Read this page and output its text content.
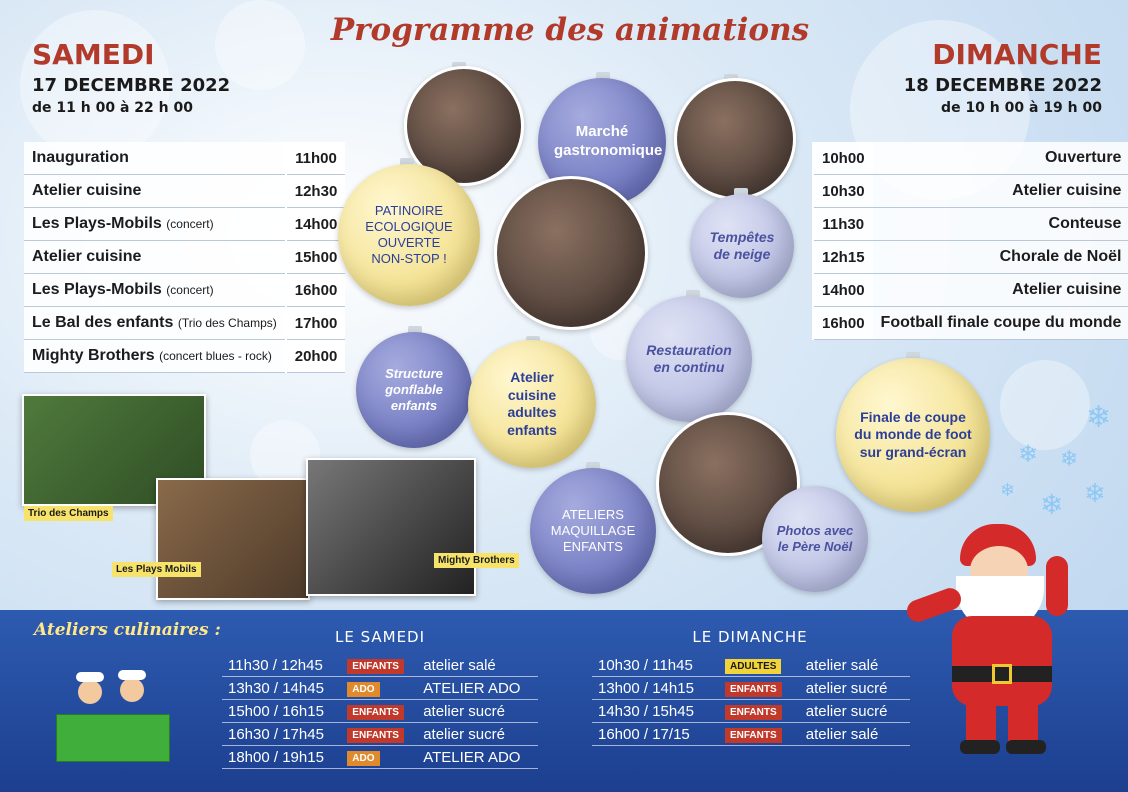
Programme des animations
SAMEDI
17 DECEMBRE 2022
de 11 h 00 à 22 h 00
DIMANCHE
18 DECEMBRE 2022
de 10 h 00 à 19 h 00
Inauguration	11h00
Atelier cuisine	12h30
Les Plays-Mobils (concert)	14h00
Atelier cuisine	15h00
Les Plays-Mobils (concert)	16h00
Le Bal des enfants (Trio des Champs)	17h00
Mighty Brothers (concert blues - rock)	20h00
10h00	Ouverture
10h30	Atelier cuisine
11h30	Conteuse
12h15	Chorale de Noël
14h00	Atelier cuisine
16h00	Football finale coupe du monde
Marché gastronomique
PATINOIRE ECOLOGIQUE OUVERTE NON-STOP !
Tempêtes de neige
Restauration en continu
Structure gonflable enfants
Atelier cuisine adultes enfants
Finale de coupe du monde de foot sur grand-écran
ATELIERS MAQUILLAGE ENFANTS
Photos avec le Père Noël
Trio des Champs
Les Plays Mobils
Mighty Brothers
❄
❄ ❄
❄ ❄
❄
Ateliers culinaires :	LE SAMEDI	LE DIMANCHE
11h30 / 12h45	ENFANTS	atelier salé
13h30 / 14h45	ADO	ATELIER ADO
15h00 / 16h15	ENFANTS	atelier sucré
16h30 / 17h45	ENFANTS	atelier sucré
18h00 / 19h15	ADO	ATELIER ADO
10h30 / 11h45	ADULTES	atelier salé
13h00 / 14h15	ENFANTS	atelier sucré
14h30 / 15h45	ENFANTS	atelier sucré
16h00 / 17/15	ENFANTS	atelier salé
